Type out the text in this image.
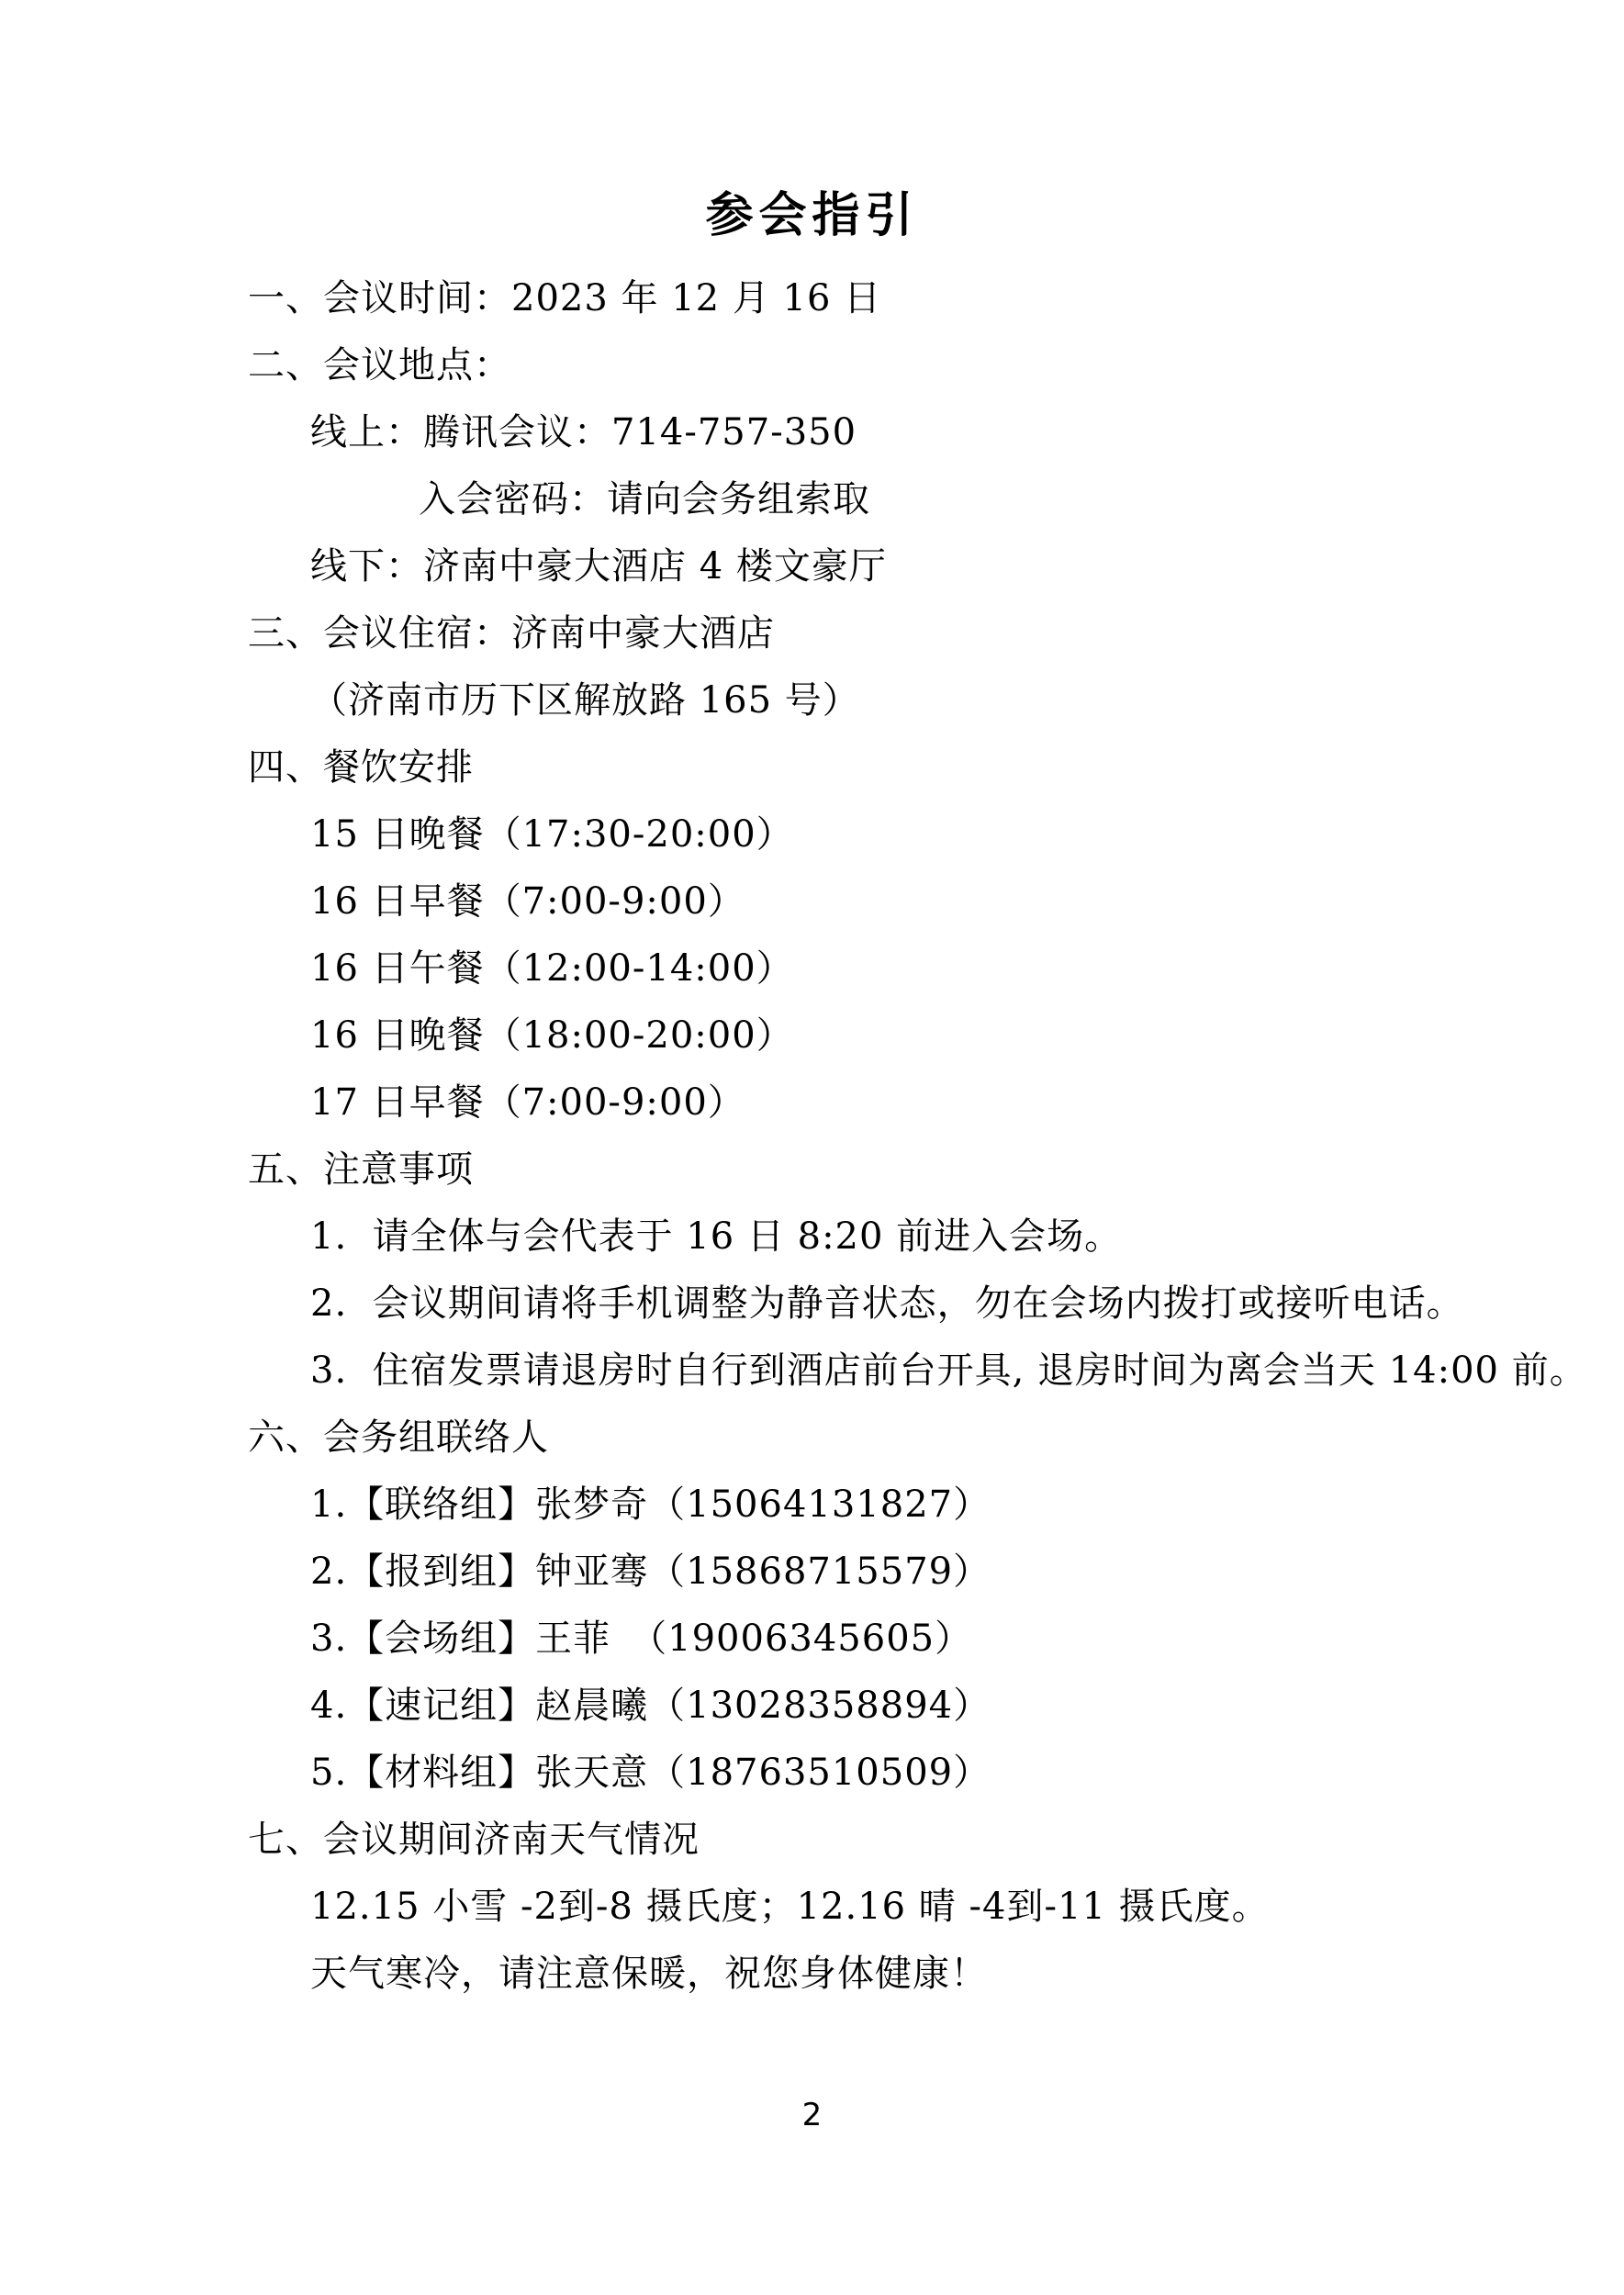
参会指引
一、会议时间：2023 年 12 月 16 日
二、会议地点：
线上：腾讯会议：714-757-350
入会密码：请向会务组索取
线下：济南中豪大酒店 4 楼文豪厅
三、会议住宿：济南中豪大酒店
（济南市历下区解放路 165 号）
四、餐饮安排
15 日晚餐（17:30-20:00）
16 日早餐（7:00-9:00）
16 日午餐（12:00-14:00）
16 日晚餐（18:00-20:00）
17 日早餐（7:00-9:00）
五、注意事项
1.  请全体与会代表于 16 日 8:20 前进入会场。
2.  会议期间请将手机调整为静音状态，勿在会场内拨打或接听电话。
3.  住宿发票请退房时自行到酒店前台开具, 退房时间为离会当天 14:00 前。
六、会务组联络人
1.【联络组】张梦奇（15064131827）
2.【报到组】钟亚骞（15868715579）
3.【会场组】王菲　（19006345605）
4.【速记组】赵晨曦（13028358894）
5.【材料组】张天意（18763510509）
七、会议期间济南天气情况
12.15 小雪 -2到-8 摄氏度；12.16 晴 -4到-11 摄氏度。
天气寒冷，请注意保暖，祝您身体健康！
2
